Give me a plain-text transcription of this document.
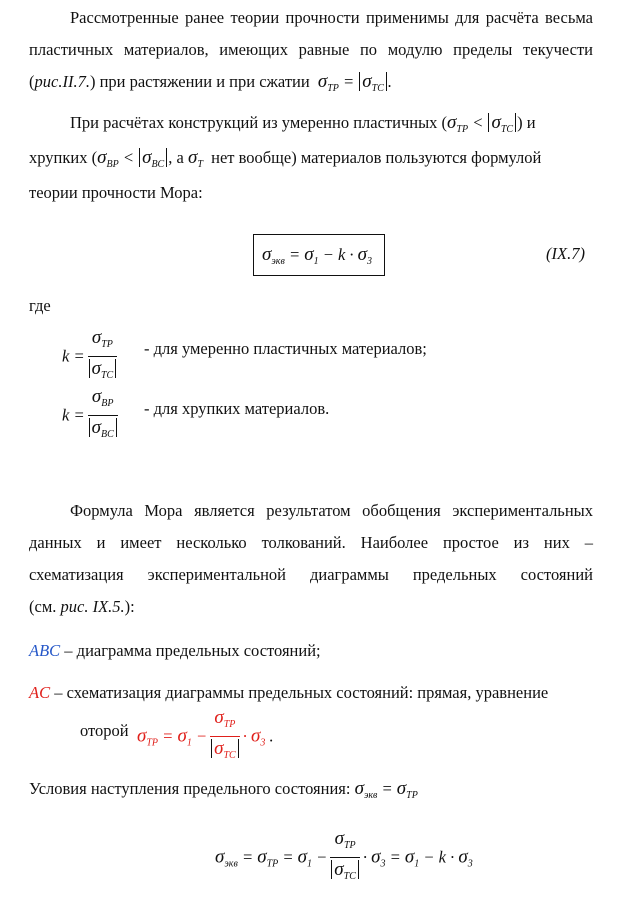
Рассмотренные ранее теории прочности применимы для расчёта весьма
пластичных материалов, имеющих равные по модулю пределы текучести
(рис.II.7.) при растяжении и при сжатии $\sigma_{TP} = \sigma_{TC}$ .
При расчётах конструкций из умеренно пластичных ($\sigma_{TP} < \sigma_{TC}$ ) и
хрупких ($\sigma_{BP} < \sigma_{BC}$ , а $\sigma_T$ нет вообще) материалов пользуются формулой
теории прочности Мора:
$\sigma_{экв} = \sigma_1 - k \cdot \sigma_3$	(IX.7)
где
$k = \frac{\sigma_{TP}}{\sigma_{TC}}$ - для умеренно пластичных материалов;
$k = \frac{\sigma_{BP}}{\sigma_{BC}}$ - для хрупких материалов.
Формула Мора является результатом обобщения экспериментальных
данных и имеет несколько толкований. Наиболее простое из них –
схематизация экспериментальной диаграммы предельных состояний
(см. рис. IX.5.):
ABC – диаграмма предельных состояний;
AC – схематизация диаграммы предельных состояний: прямая, уравнение
оторой $\sigma_{TP} = \sigma_1 - \frac{\sigma_{TP}}{\sigma_{TC}} \cdot \sigma_3$ .
Условия наступления предельного состояния: $\sigma_{экв} = \sigma_{TP}$
$\sigma_{экв} = \sigma_{TP} = \sigma_1 - \frac{\sigma_{TP}}{\sigma_{TC}} \cdot \sigma_3 = \sigma_1 - k \cdot \sigma_3$
